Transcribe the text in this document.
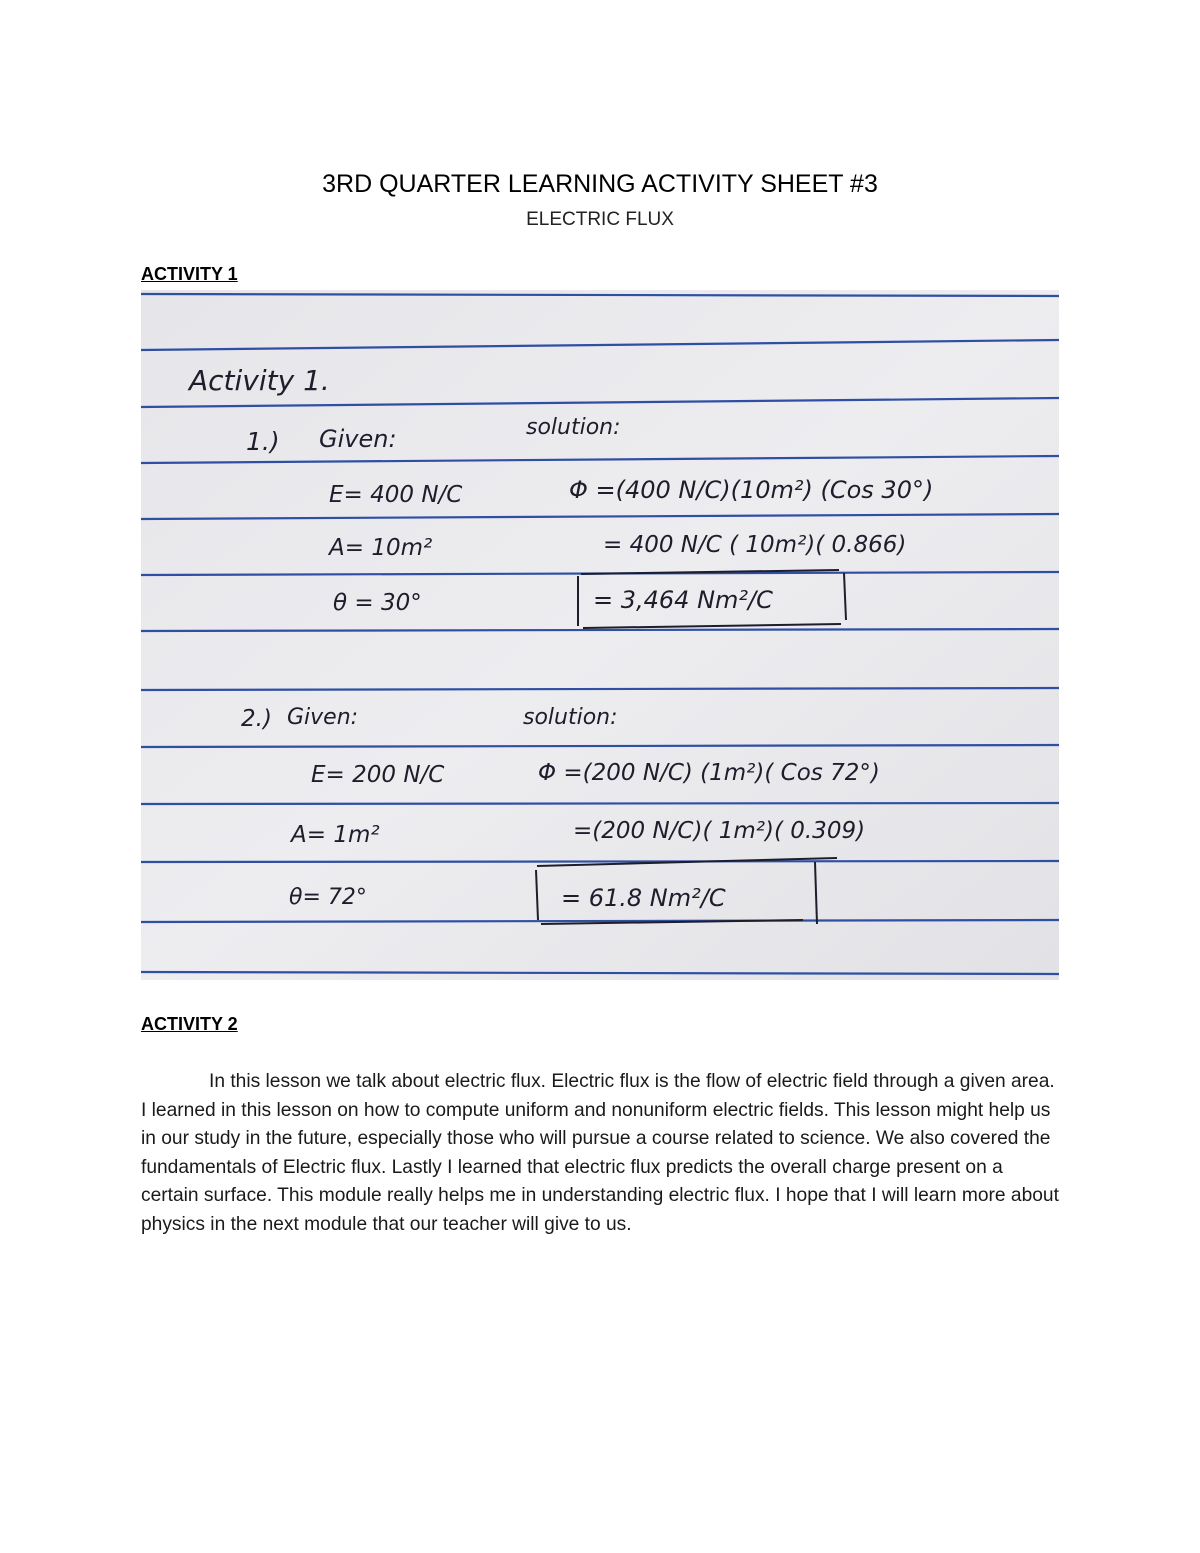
3RD QUARTER LEARNING ACTIVITY SHEET #3
ELECTRIC FLUX
ACTIVITY 1
Activity 1.
1.) Given:	solution:
E= 400 N/C
A= 10m²
θ = 30°
Φ =(400 N/C)(10m²) (Cos 30°)
= 400 N/C ( 10m²)( 0.866)
= 3,464 Nm²/C
2.) Given:	solution:
E= 200 N/C
A= 1m²
θ= 72°
Φ =(200 N/C) (1m²)( Cos 72°)
=(200 N/C)( 1m²)( 0.309)
= 61.8 Nm²/C
ACTIVITY 2

In this lesson we talk about electric flux. Electric flux is the flow of electric field through a given area. I learned in this lesson on how to compute uniform and nonuniform electric fields. This lesson might help us in our study in the future, especially those who will pursue a course related to science. We also covered the fundamentals of Electric flux. Lastly I learned that electric flux predicts the overall charge present on a certain surface. This module really helps me in understanding electric flux. I hope that I will learn more about physics in the next module that our teacher will give to us.
